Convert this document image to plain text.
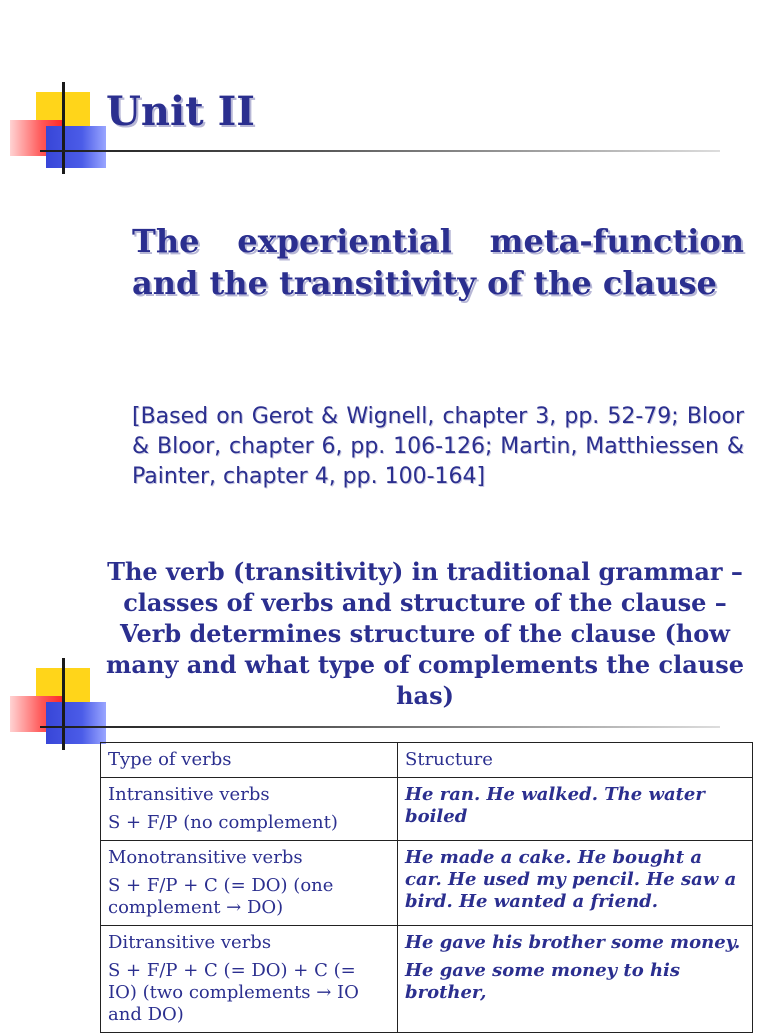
Unit II
The experiential meta-function and the transitivity of the clause
[Based on Gerot & Wignell, chapter 3, pp. 52-79; Bloor & Bloor, chapter 6, pp. 106-126; Martin, Matthiessen & Painter, chapter 4, pp. 100-164]
The verb (transitivity) in traditional grammar – classes of verbs and structure of the clause – Verb determines structure of the clause (how many and what type of complements the clause has)
Type of verbs	Structure

Intransitive verbs
S + F/P (no complement)	He ran. He walked. The water boiled

Monotransitive verbs
S + F/P + C (= DO) (one complement → DO)	He made a cake. He bought a car. He used my pencil. He saw a bird. He wanted a friend.

Ditransitive verbs
S + F/P + C (= DO) + C (= IO) (two complements → IO and DO)	He gave his brother some money.
He gave some money to his brother,
